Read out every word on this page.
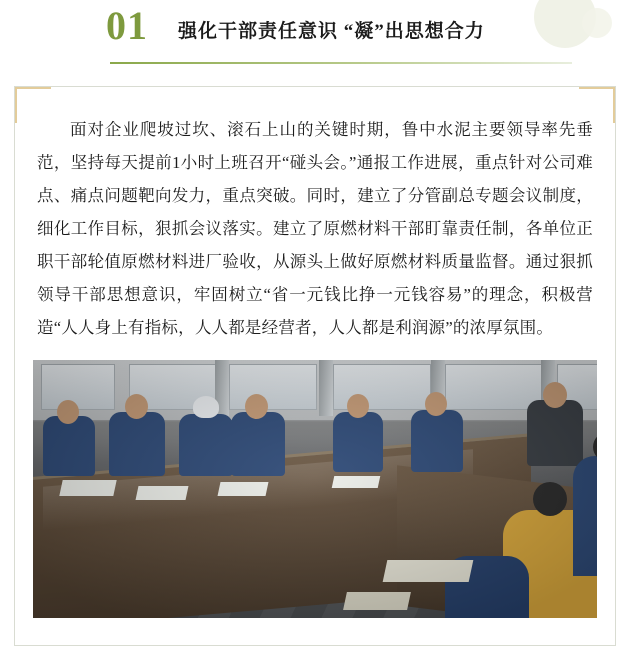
01 强化干部责任意识 “凝”出思想合力

面对企业爬坡过坎、滚石上山的关键时期，鲁中水泥主要领导率先垂范，坚持每天提前1小时上班召开“碰头会。”通报工作进展，重点针对公司难点、痛点问题靶向发力，重点突破。同时，建立了分管副总专题会议制度，细化工作目标，狠抓会议落实。建立了原燃材料干部盯靠责任制，各单位正职干部轮值原燃材料进厂验收，从源头上做好原燃材料质量监督。通过狠抓领导干部思想意识，牢固树立“省一元钱比挣一元钱容易”的理念，积极营造“人人身上有指标，人人都是经营者，人人都是利润源”的浓厚氛围。
